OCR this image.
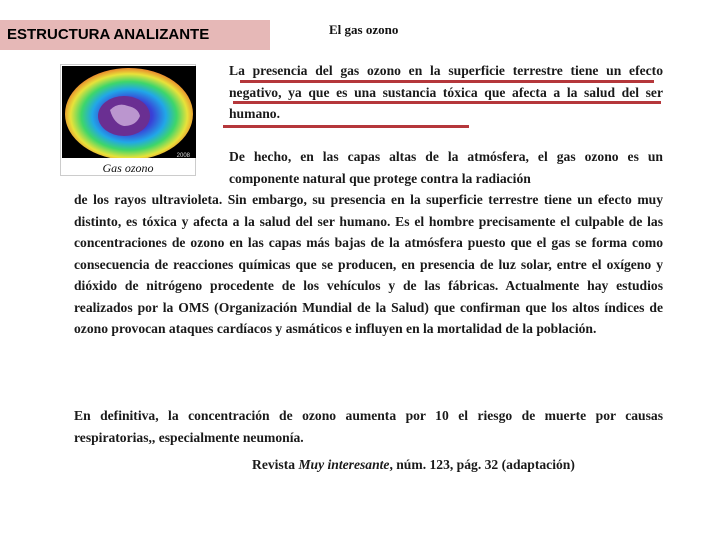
ESTRUCTURA ANALIZANTE	El gas ozono
2008
Gas ozono

La presencia del gas ozono en la superficie terrestre tiene un efecto negativo, ya que es una sustancia tóxica que afecta a la salud del ser humano.

De hecho, en las capas altas de la atmósfera, el gas ozono es un componente natural que protege contra la radiación

de los rayos ultravioleta. Sin embargo, su presencia en la superficie terrestre tiene un efecto muy distinto, es tóxica y afecta a la salud del ser humano. Es el hombre precisamente el culpable de las concentraciones de ozono en las capas más bajas de la atmósfera puesto que el gas se forma como consecuencia de reacciones químicas que se producen, en presencia de luz solar, entre el oxígeno y dióxido de nitrógeno procedente de los vehículos y de las fábricas. Actualmente hay estudios realizados por la OMS (Organización Mundial de la Salud) que confirman que los altos índices de ozono provocan ataques cardíacos y asmáticos e influyen en la mortalidad de la población.

En definitiva, la concentración de ozono aumenta por 10 el riesgo de muerte por causas respiratorias,, especialmente neumonía.

Revista Muy interesante, núm. 123, pág. 32 (adaptación)
